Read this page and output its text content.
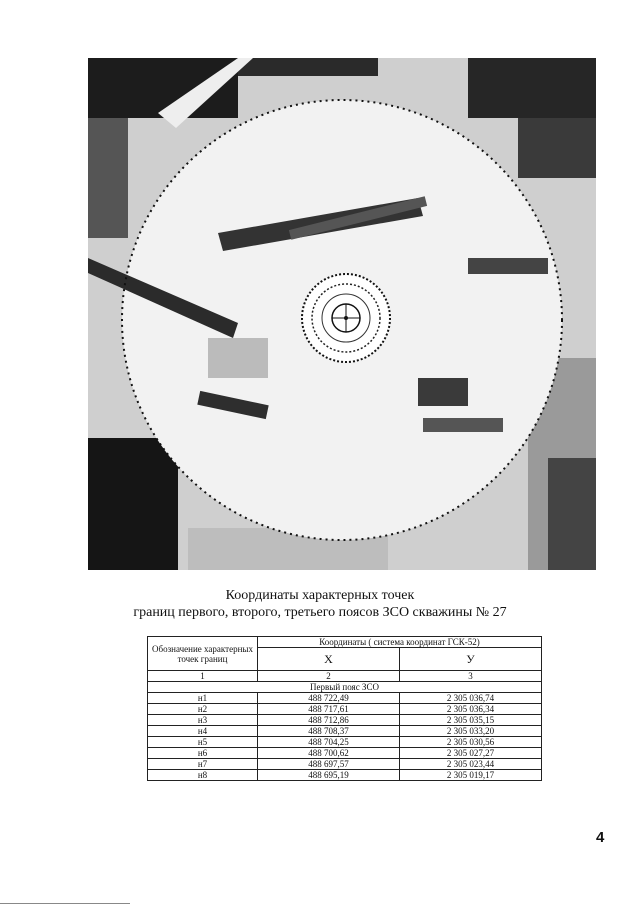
Координаты характерных точек
границ первого, второго, третьего поясов ЗСО скважины № 27
Обозначение характерных точек границ	Координаты ( система координат ГСК-52)	
	X	У
1	2	3
Первый пояс ЗСО		
н1	488 722,49	2 305 036,74
н2	488 717,61	2 305 036,34
н3	488 712,86	2 305 035,15
н4	488 708,37	2 305 033,20
н5	488 704,25	2 305 030,56
н6	488 700,62	2 305 027,27
н7	488 697,57	2 305 023,44
н8	488 695,19	2 305 019,17
4
